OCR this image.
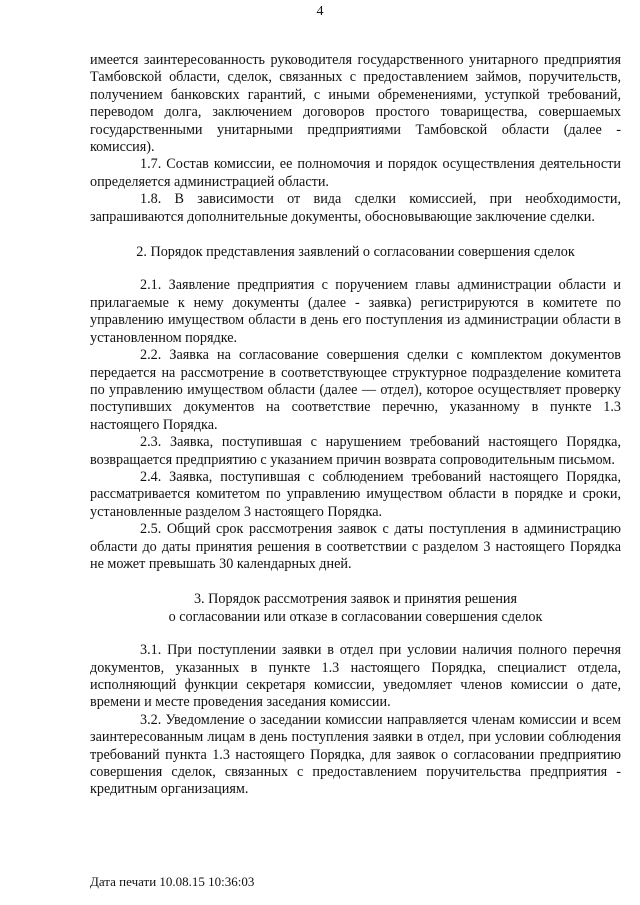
4

имеется заинтересованность руководителя государственного унитарного предприятия Тамбовской области, сделок, связанных с предоставлением займов, поручительств, получением банковских гарантий, с иными обременениями, уступкой требований, переводом долга, заключением договоров простого товарищества, совершаемых государственными унитарными предприятиями Тамбовской области (далее - комиссия).

1.7. Состав комиссии, ее полномочия и порядок осуществления деятельности определяется администрацией области.

1.8. В зависимости от вида сделки комиссией, при необходимости, запрашиваются дополнительные документы, обосновывающие заключение сделки.

2. Порядок представления заявлений о согласовании совершения сделок

2.1. Заявление предприятия с поручением главы администрации области и прилагаемые к нему документы (далее - заявка) регистрируются в комитете по управлению имуществом области в день его поступления из администрации области в установленном порядке.

2.2. Заявка на согласование совершения сделки с комплектом документов передается на рассмотрение в соответствующее структурное подразделение комитета по управлению имуществом области (далее — отдел), которое осуществляет проверку поступивших документов на соответствие перечню, указанному в пункте 1.3 настоящего Порядка.

2.3. Заявка, поступившая с нарушением требований настоящего Порядка, возвращается предприятию с указанием причин возврата сопроводительным письмом.

2.4. Заявка, поступившая с соблюдением требований настоящего Порядка, рассматривается комитетом по управлению имуществом области в порядке и сроки, установленные разделом 3 настоящего Порядка.

2.5. Общий срок рассмотрения заявок с даты поступления в администрацию области до даты принятия решения в соответствии с разделом 3 настоящего Порядка не может превышать 30 календарных дней.

3. Порядок рассмотрения заявок и принятия решения
о согласовании или отказе в согласовании совершения сделок

3.1. При поступлении заявки в отдел при условии наличия полного перечня документов, указанных в пункте 1.3 настоящего Порядка, специалист отдела, исполняющий функции секретаря комиссии, уведомляет членов комиссии о дате, времени и месте проведения заседания комиссии.

3.2. Уведомление о заседании комиссии направляется членам комиссии и всем заинтересованным лицам в день поступления заявки в отдел, при условии соблюдения требований пункта 1.3 настоящего Порядка, для заявок о согласовании предприятию совершения сделок, связанных с предоставлением поручительства предприятия - кредитным организациям.

Дата печати 10.08.15 10:36:03
